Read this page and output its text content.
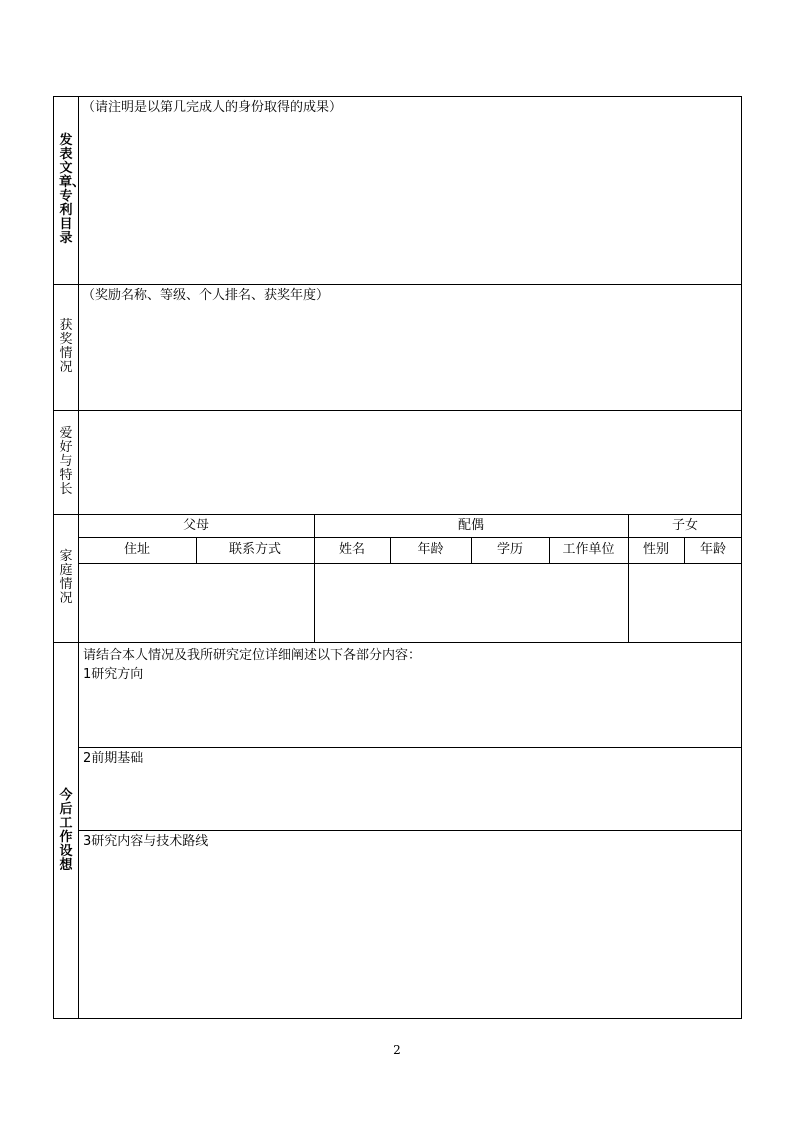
发表文章、专利目录
（请注明是以第几完成人的身份取得的成果）
获奖情况
（奖励名称、等级、个人排名、获奖年度）
爱好与特长
家庭情况
父母	配偶	子女
住址	联系方式	姓名	年龄	学历	工作单位	性别	年龄
今后工作设想
请结合本人情况及我所研究定位详细阐述以下各部分内容：
1研究方向
2前期基础
3研究内容与技术路线
2
